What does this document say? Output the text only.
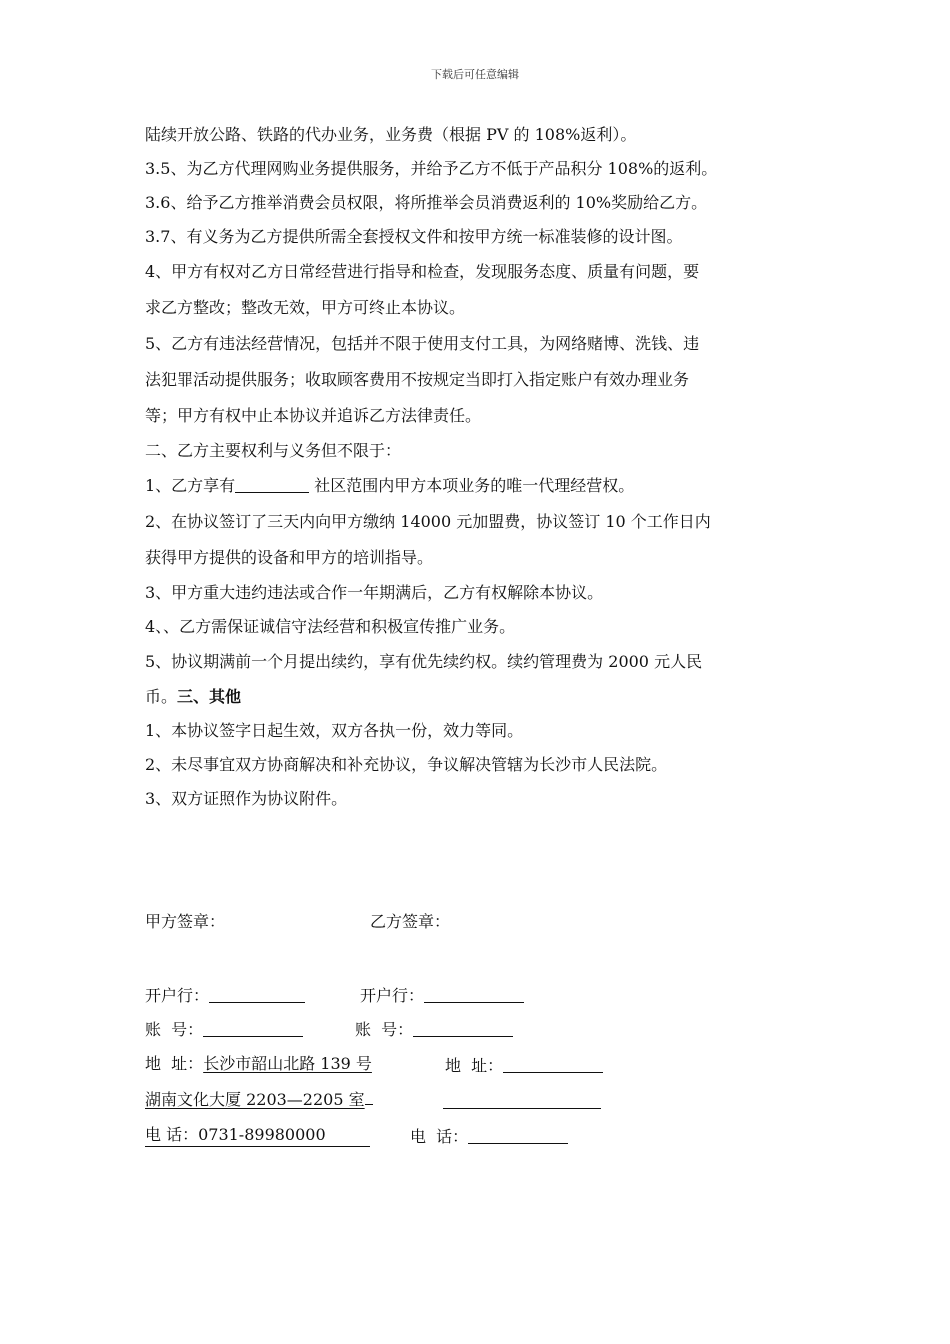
下载后可任意编辑
陆续开放公路、铁路的代办业务，业务费（根据 PV 的 108%返利）。
3.5、为乙方代理网购业务提供服务，并给予乙方不低于产品积分 108%的返利。
3.6、给予乙方推举消费会员权限，将所推举会员消费返利的 10%奖励给乙方。
3.7、有义务为乙方提供所需全套授权文件和按甲方统一标准装修的设计图。
4、甲方有权对乙方日常经营进行指导和检查，发现服务态度、质量有问题，要
求乙方整改；整改无效，甲方可终止本协议。
5、乙方有违法经营情况，包括并不限于使用支付工具，为网络赌博、洗钱、违
法犯罪活动提供服务；收取顾客费用不按规定当即打入指定账户有效办理业务
等；甲方有权中止本协议并追诉乙方法律责任。
二、乙方主要权利与义务但不限于：
1、乙方享有	社区范围内甲方本项业务的唯一代理经营权。
2、在协议签订了三天内向甲方缴纳 14000 元加盟费，协议签订 10 个工作日内
获得甲方提供的设备和甲方的培训指导。
3、甲方重大违约违法或合作一年期满后，乙方有权解除本协议。
4、、乙方需保证诚信守法经营和积极宣传推广业务。
5、协议期满前一个月提出续约，享有优先续约权。续约管理费为 2000 元人民
币。三、其他
1、本协议签字日起生效，双方各执一份，效力等同。
2、未尽事宜双方协商解决和补充协议，争议解决管辖为长沙市人民法院。
3、双方证照作为协议附件。
甲方签章：	乙方签章：
开户行：	开户行：
账  号：	账  号：
地  址：长沙市韶山北路 139 号	地  址：
湖南文化大厦 2203—2205 室
电 话：0731-89980000	电  话：
